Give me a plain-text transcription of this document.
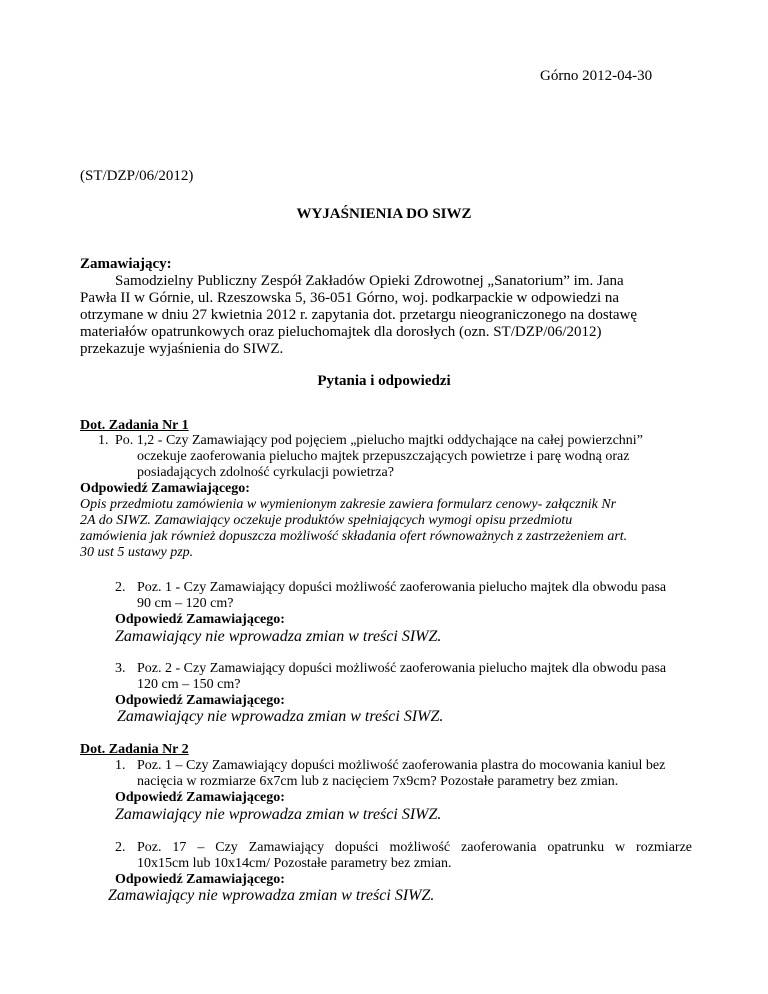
Górno 2012-04-30
(ST/DZP/06/2012)
WYJAŚNIENIA DO SIWZ
Zamawiający:
Samodzielny Publiczny Zespół Zakładów Opieki Zdrowotnej „Sanatorium” im. Jana
Pawła II w Górnie, ul. Rzeszowska 5, 36-051 Górno, woj. podkarpackie w odpowiedzi na
otrzymane w dniu 27 kwietnia 2012 r. zapytania dot. przetargu nieograniczonego na dostawę
materiałów opatrunkowych oraz pieluchomajtek dla dorosłych (ozn. ST/DZP/06/2012)
przekazuje wyjaśnienia do SIWZ.
Pytania i odpowiedzi
Dot. Zadania Nr 1
1. Po. 1,2 - Czy Zamawiający pod pojęciem „pielucho majtki oddychające na całej powierzchni”
oczekuje zaoferowania pielucho majtek przepuszczających powietrze i parę wodną oraz
posiadających zdolność cyrkulacji powietrza?
Odpowiedź Zamawiającego:
Opis przedmiotu zamówienia w wymienionym zakresie zawiera formularz cenowy- załącznik Nr
2A do SIWZ. Zamawiający oczekuje produktów spełniających wymogi opisu przedmiotu
zamówienia jak również dopuszcza możliwość składania ofert równoważnych z zastrzeżeniem art.
30 ust 5 ustawy pzp.
2. Poz. 1 - Czy Zamawiający dopuści możliwość zaoferowania pielucho majtek dla obwodu pasa
90 cm – 120 cm?
Odpowiedź Zamawiającego:
Zamawiający nie wprowadza zmian w treści SIWZ.
3. Poz. 2 - Czy Zamawiający dopuści możliwość zaoferowania pielucho majtek dla obwodu pasa
120 cm – 150 cm?
Odpowiedź Zamawiającego:
Zamawiający nie wprowadza zmian w treści SIWZ.
Dot. Zadania Nr 2
1. Poz. 1 – Czy Zamawiający dopuści możliwość zaoferowania plastra do mocowania kaniul bez
nacięcia w rozmiarze 6x7cm lub z nacięciem 7x9cm? Pozostałe parametry bez zmian.
Odpowiedź Zamawiającego:
Zamawiający nie wprowadza zmian w treści SIWZ.
2. Poz. 17 – Czy Zamawiający dopuści możliwość zaoferowania opatrunku w rozmiarze
10x15cm lub 10x14cm/ Pozostałe parametry bez zmian.
Odpowiedź Zamawiającego:
Zamawiający nie wprowadza zmian w treści SIWZ.
